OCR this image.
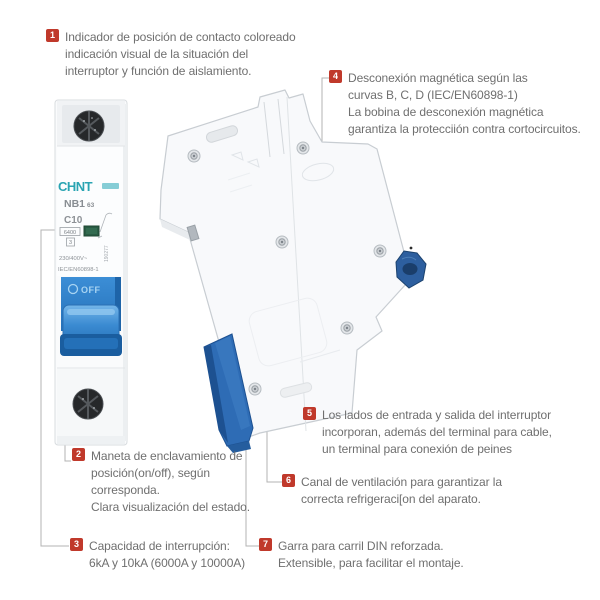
CHNT
NB1 63
C10
6400
3
190277
230/400V~
IEC/EN60898-1
OFF
1 Indicador de posición de contacto coloreado
indicación visual de la situación del
interruptor y función de aislamiento.	4 Desconexión magnética según las
curvas B, C, D (IEC/EN60898-1)
La bobina de desconexión magnética
garantiza la protecciión contra cortocircuitos.
5 Los lados de entrada y salida del interruptor
incorporan, además del terminal para cable,
un terminal para conexión de peines
6 Canal de ventilación para garantizar la
correcta refrigeraci[on del aparato.
7 Garra para carril DIN reforzada.
Extensible, para facilitar el montaje.
2 Maneta de enclavamiento de
posición(on/off), según
corresponda.
Clara visualización del estado.
3 Capacidad de interrupción:
6kA y 10kA (6000A y 10000A)
